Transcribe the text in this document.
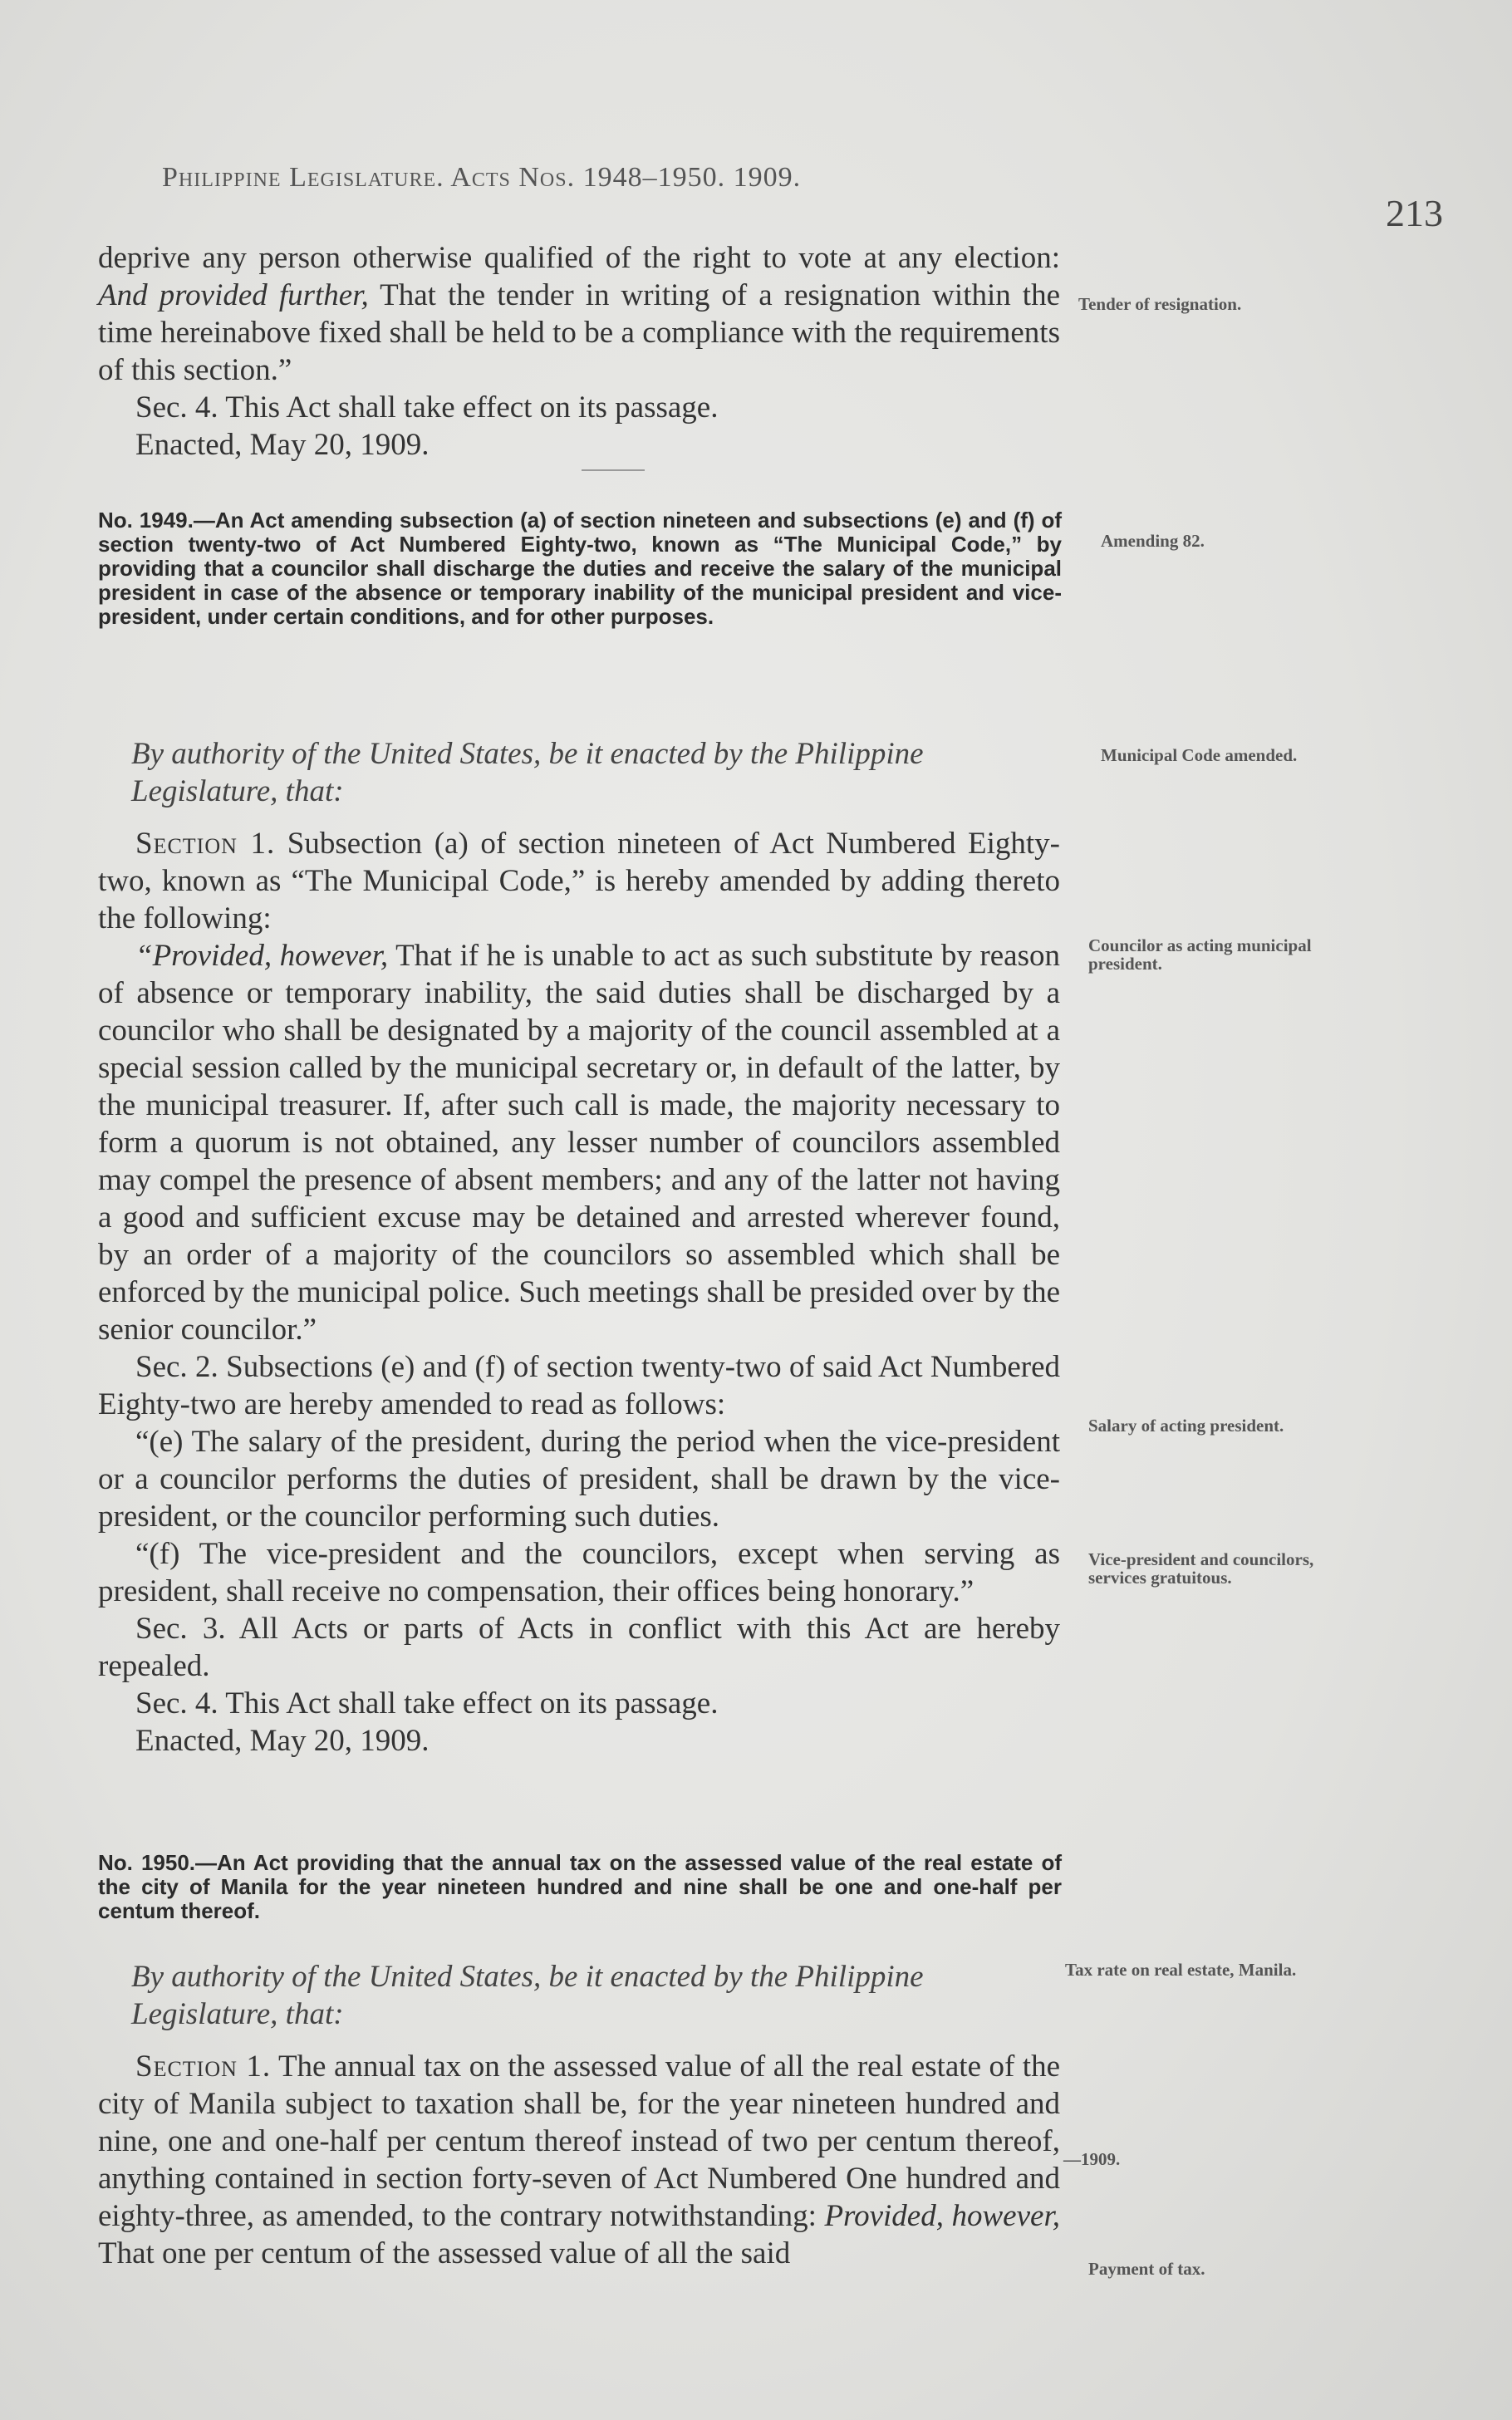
Philippine Legislature. Acts Nos. 1948–1950. 1909.
213

deprive any person otherwise qualified of the right to vote at any election: And provided further, That the tender in writing of a resignation within the time hereinabove fixed shall be held to be a compliance with the requirements of this section.”

Sec. 4. This Act shall take effect on its passage.

Enacted, May 20, 1909.

Tender of resignation.
No. 1949.—An Act amending subsection (a) of section nineteen and subsections (e) and (f) of section twenty-two of Act Numbered Eighty-two, known as “The Municipal Code,” by providing that a councilor shall discharge the duties and receive the salary of the municipal president in case of the absence or temporary inability of the municipal president and vice-president, under certain conditions, and for other purposes.
Amending 82.
By authority of the United States, be it enacted by the Philippine Legislature, that:
Municipal Code amended.

Section 1. Subsection (a) of section nineteen of Act Numbered Eighty-two, known as “The Municipal Code,” is hereby amended by adding thereto the following:

“Provided, however, That if he is unable to act as such substitute by reason of absence or temporary inability, the said duties shall be discharged by a councilor who shall be designated by a majority of the council assembled at a special session called by the municipal secretary or, in default of the latter, by the municipal treasurer. If, after such call is made, the majority necessary to form a quorum is not obtained, any lesser number of councilors assembled may compel the presence of absent members; and any of the latter not having a good and sufficient excuse may be detained and arrested wherever found, by an order of a majority of the councilors so assembled which shall be enforced by the municipal police. Such meetings shall be presided over by the senior councilor.”

Sec. 2. Subsections (e) and (f) of section twenty-two of said Act Numbered Eighty-two are hereby amended to read as follows:

“(e) The salary of the president, during the period when the vice-president or a councilor performs the duties of president, shall be drawn by the vice-president, or the councilor performing such duties.

“(f) The vice-president and the councilors, except when serving as president, shall receive no compensation, their offices being honorary.”

Sec. 3. All Acts or parts of Acts in conflict with this Act are hereby repealed.

Sec. 4. This Act shall take effect on its passage.

Enacted, May 20, 1909.

Councilor as acting municipal president.
Salary of acting president.
Vice-president and councilors, services gratuitous.
No. 1950.—An Act providing that the annual tax on the assessed value of the real estate of the city of Manila for the year nineteen hundred and nine shall be one and one-half per centum thereof.
By authority of the United States, be it enacted by the Philippine Legislature, that:
Tax rate on real estate, Manila.

Section 1. The annual tax on the assessed value of all the real estate of the city of Manila subject to taxation shall be, for the year nineteen hundred and nine, one and one-half per centum thereof instead of two per centum thereof, anything contained in section forty-seven of Act Numbered One hundred and eighty-three, as amended, to the contrary notwithstanding: Provided, however, That one per centum of the assessed value of all the said

—1909.
Payment of tax.
